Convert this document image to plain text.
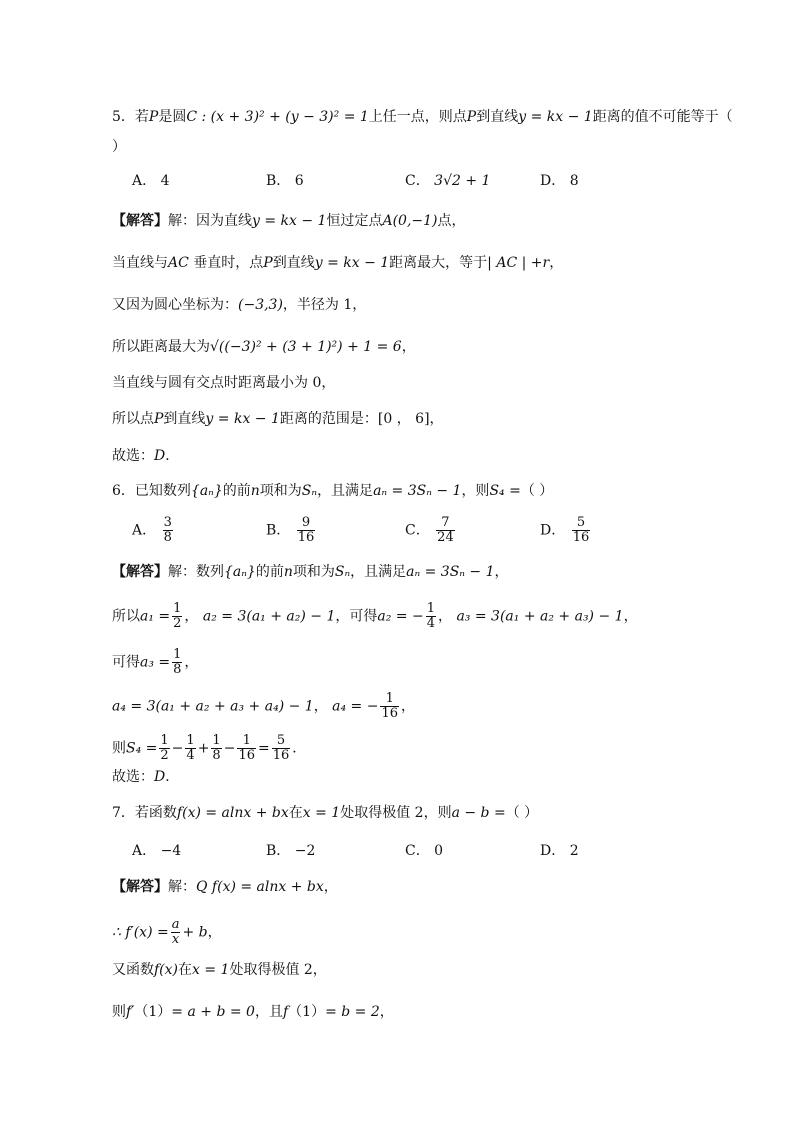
5．若P是圆C : (x + 3)² + (y − 3)² = 1上任一点，则点P到直线y = kx − 1距离的值不可能等于（
）
A． 4	B． 6	C． 3√2 + 1	D． 8
【解答】解：因为直线y = kx − 1恒过定点A(0,−1)点，
当直线与AC 垂直时，点P到直线y = kx − 1距离最大，等于| AC | +r，
又因为圆心坐标为：(−3,3)，半径为 1，
所以距离最大为√((−3)² + (3 + 1)²) + 1 = 6，
当直线与圆有交点时距离最小为 0，
所以点P到直线y = kx − 1距离的范围是：[0 ， 6]，
故选：D．
6．已知数列{aₙ}的前n项和为Sₙ，且满足aₙ = 3Sₙ − 1，则S₄ =（ ）
A． $\frac{3}{8}$	B． $\frac{9}{16}$	C． $\frac{7}{24}$	D． $\frac{5}{16}$
【解答】解：数列{aₙ}的前n项和为Sₙ，且满足aₙ = 3Sₙ − 1，
所以$a_1 = \frac{1}{2}$ ， a₂ = 3(a₁ + a₂) − 1，可得a₂ = − $\frac{1}{4}$ ， a₃ = 3(a₁ + a₂ + a₃) − 1，
可得$a_3 = \frac{1}{8}$ ，
a₄ = 3(a₁ + a₂ + a₃ + a₄) − 1， a₄ = − $\frac{1}{16}$ ，
则$S_4 = \frac{1}{2} - \frac{1}{4} + \frac{1}{8} - \frac{1}{16} = \frac{5}{16}$ ．
故选：D．
7．若函数f(x) = alnx + bx在x = 1处取得极值 2，则a − b =（ ）
A． −4	B． −2	C． 0	D． 2
【解答】解：Q f(x) = alnx + bx，
∴ $f'(x) = \frac{a}{x} + b$，
又函数f(x)在x = 1处取得极值 2，
则f′（1）= a + b = 0，且f（1）= b = 2，
